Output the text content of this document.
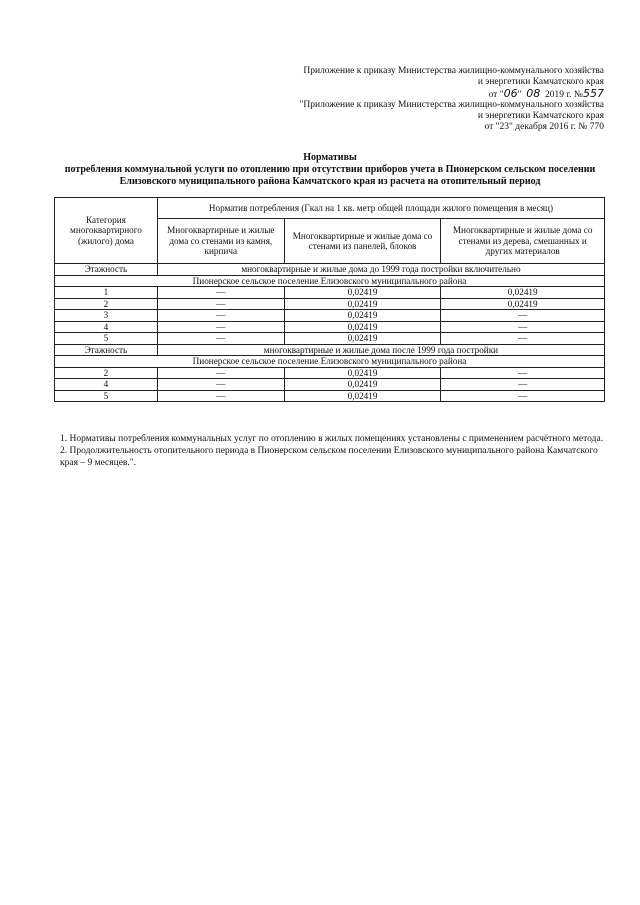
Приложение к приказу Министерства жилищно-коммунального хозяйства
и энергетики Камчатского края
от "06"  08 2019 г. №557
"Приложение к приказу Министерства жилищно-коммунального хозяйства
и энергетики Камчатского края
от "23" декабря 2016 г. № 770
Нормативы
потребления коммунальной услуги по отоплению при отсутствии приборов учета в Пионерском сельском поселении
Елизовского муниципального района Камчатского края из расчета на отопительный период
Категория многоквартирного (жилого) дома	Норматив потребления (Гкал на 1 кв. метр общей площади жилого помещения в месяц)		
	Многоквартирные и жилые дома со стенами из камня, кирпича	Многоквартирные и жилые дома со стенами из панелей, блоков	Многоквартирные и жилые дома со стенами из дерева, смешанных и других материалов
Этажность	многоквартирные и жилые дома до 1999 года постройки включительно		
Пионерское сельское поселение Елизовского муниципального района			
1	—	0,02419	0,02419
2	—	0,02419	0,02419
3	—	0,02419	—
4	—	0,02419	—
5	—	0,02419	—
Этажность	многоквартирные и жилые дома после 1999 года постройки		
Пионерское сельское поселение Елизовского муниципального района			
2	—	0,02419	—
4	—	0,02419	—
5	—	0,02419	—

1. Нормативы потребления коммунальных услуг по отоплению в жилых помещениях установлены с применением расчётного метода.

2. Продолжительность отопительного периода в Пионерском сельском поселении Елизовского муниципального района Камчатского края – 9 месяцев.".
